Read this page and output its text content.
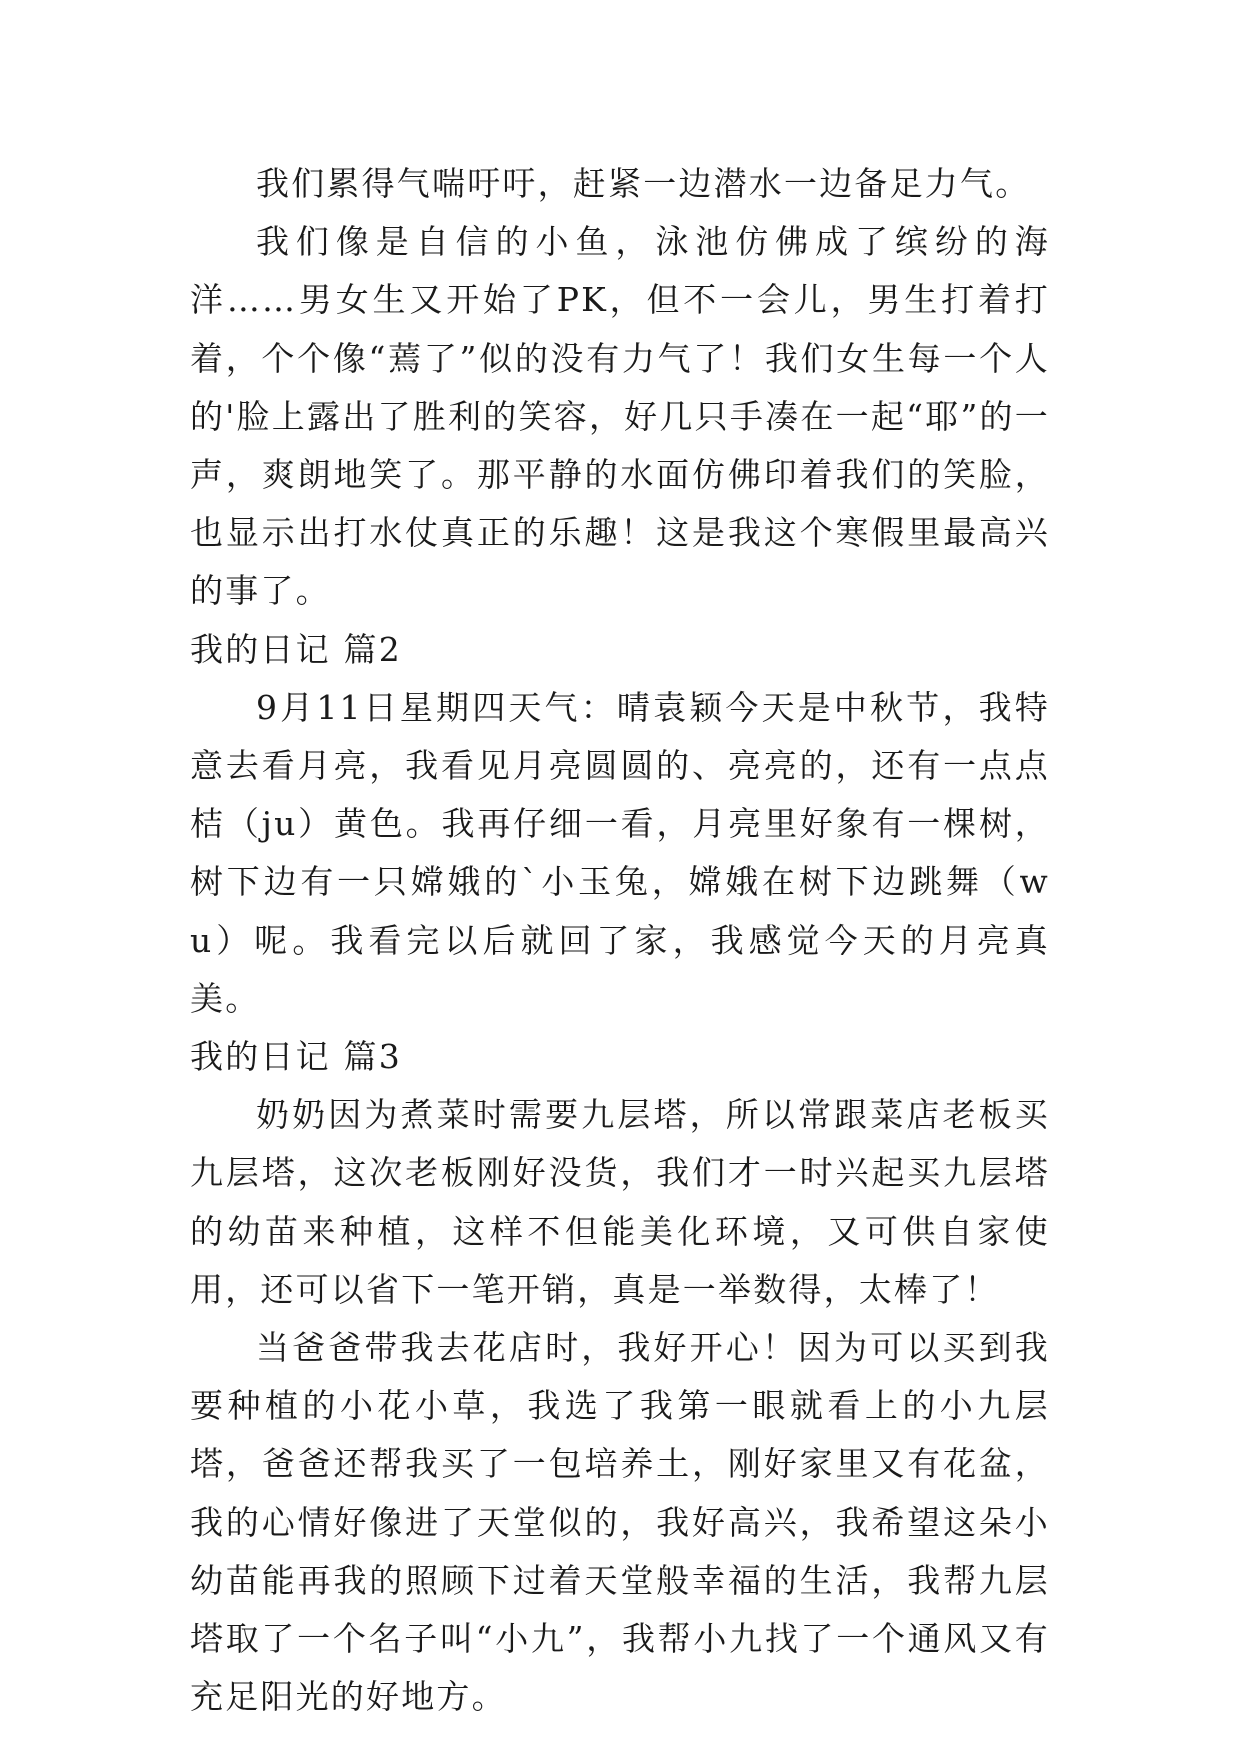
我们累得气喘吁吁，赶紧一边潜水一边备足力气。

我们像是自信的小鱼，泳池仿佛成了缤纷的海洋……男女生又开始了PK，但不一会儿，男生打着打着，个个像“蔫了”似的没有力气了！我们女生每一个人的'脸上露出了胜利的笑容，好几只手凑在一起“耶”的一声，爽朗地笑了。那平静的水面仿佛印着我们的笑脸，也显示出打水仗真正的乐趣！这是我这个寒假里最高兴的事了。

我的日记 篇2

9月11日星期四天气：晴袁颖今天是中秋节，我特意去看月亮，我看见月亮圆圆的、亮亮的，还有一点点桔（ju）黄色。我再仔细一看，月亮里好象有一棵树，树下边有一只嫦娥的`小玉兔，嫦娥在树下边跳舞（wu）呢。我看完以后就回了家，我感觉今天的月亮真美。

我的日记 篇3

奶奶因为煮菜时需要九层塔，所以常跟菜店老板买九层塔，这次老板刚好没货，我们才一时兴起买九层塔的幼苗来种植，这样不但能美化环境，又可供自家使用，还可以省下一笔开销，真是一举数得，太棒了！

当爸爸带我去花店时，我好开心！因为可以买到我要种植的小花小草，我选了我第一眼就看上的小九层塔，爸爸还帮我买了一包培养土，刚好家里又有花盆，我的心情好像进了天堂似的，我好高兴，我希望这朵小幼苗能再我的照顾下过着天堂般幸福的生活，我帮九层塔取了一个名子叫“小九”，我帮小九找了一个通风又有充足阳光的好地方。
